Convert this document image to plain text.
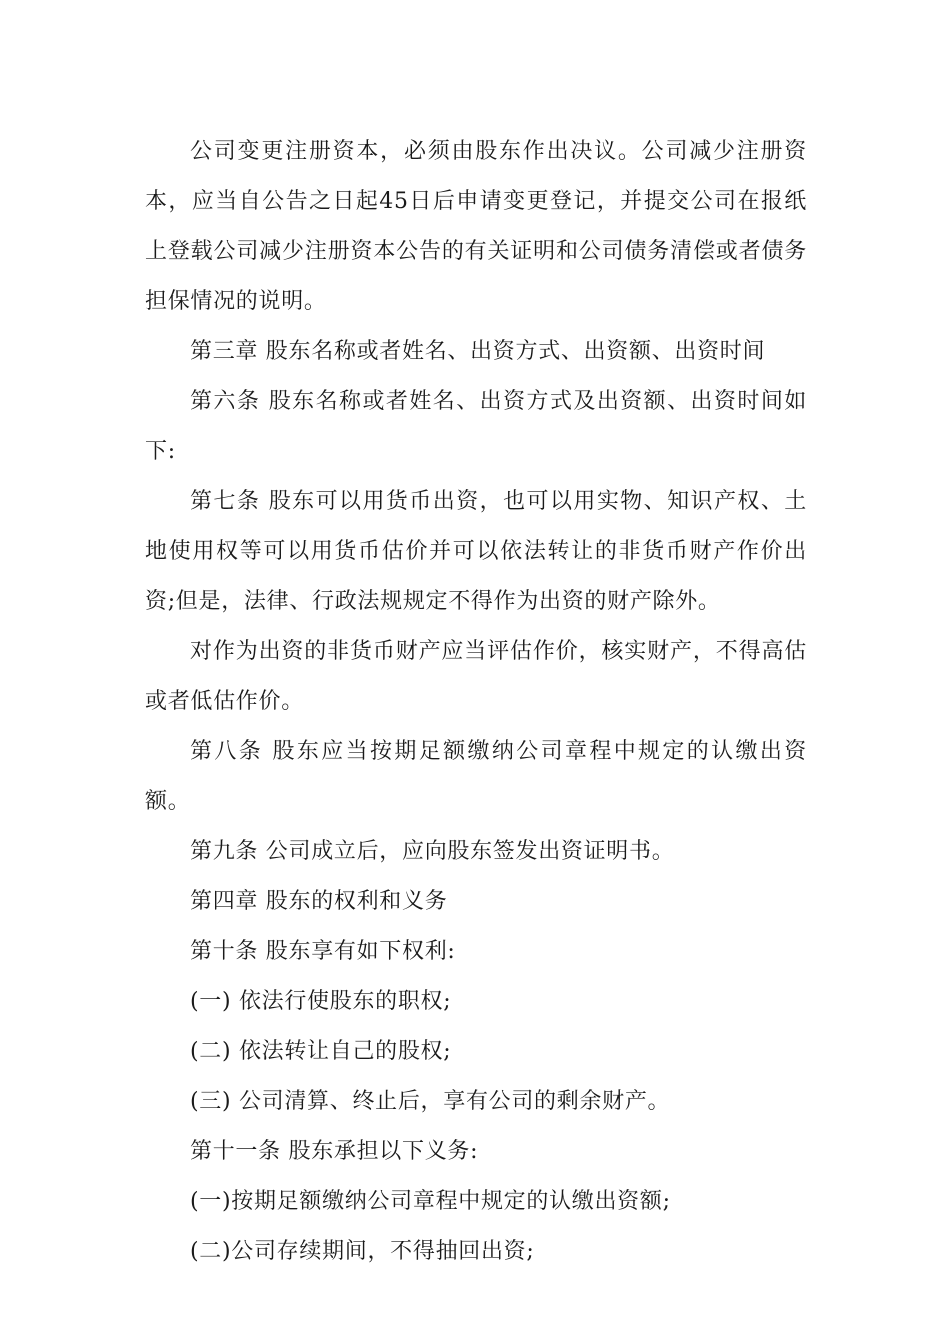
公司变更注册资本，必须由股东作出决议。公司减少注册资本，应当自公告之日起45日后申请变更登记，并提交公司在报纸上登载公司减少注册资本公告的有关证明和公司债务清偿或者债务担保情况的说明。

第三章 股东名称或者姓名、出资方式、出资额、出资时间

第六条 股东名称或者姓名、出资方式及出资额、出资时间如下:

第七条 股东可以用货币出资，也可以用实物、知识产权、土地使用权等可以用货币估价并可以依法转让的非货币财产作价出资;但是，法律、行政法规规定不得作为出资的财产除外。

对作为出资的非货币财产应当评估作价，核实财产，不得高估或者低估作价。

第八条 股东应当按期足额缴纳公司章程中规定的认缴出资额。

第九条 公司成立后，应向股东签发出资证明书。

第四章 股东的权利和义务

第十条 股东享有如下权利:

(一) 依法行使股东的职权;

(二) 依法转让自己的股权;

(三) 公司清算、终止后，享有公司的剩余财产。

第十一条 股东承担以下义务:

(一)按期足额缴纳公司章程中规定的认缴出资额;

(二)公司存续期间，不得抽回出资;
